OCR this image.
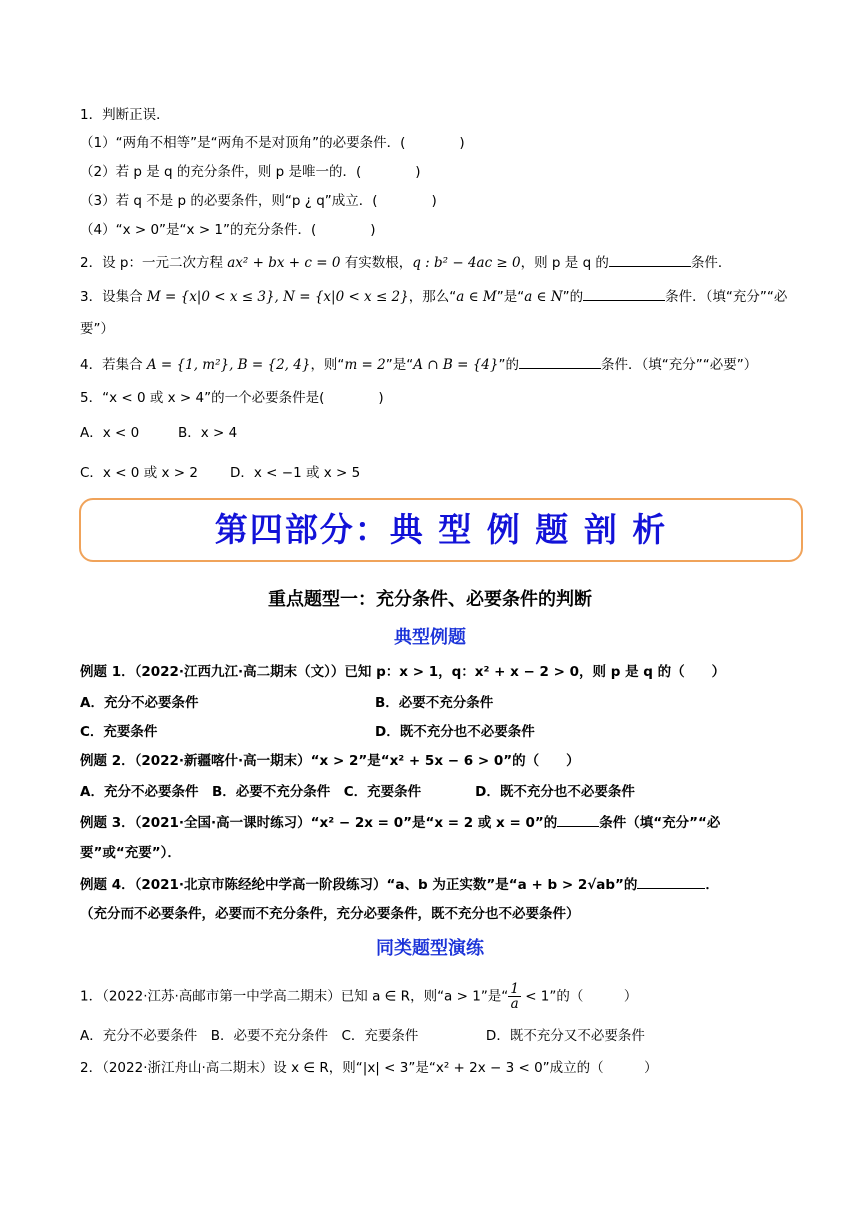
1．判断正误．
（1）“两角不相等”是“两角不是对顶角”的必要条件．(　　　　)
（2）若 p 是 q 的充分条件，则 p 是唯一的．(　　　　)
（3）若 q 不是 p 的必要条件，则“p ¿ q”成立．(　　　　)
（4）“x > 0”是“x > 1”的充分条件．(　　　　)
2．设 p：一元二次方程 ax² + bx + c = 0 有实数根，q : b² − 4ac ≥ 0，则 p 是 q 的	条件．
3．设集合 M = {x|0 < x ≤ 3}, N = {x|0 < x ≤ 2}，那么“a ∈ M”是“a ∈ N”的	条件．（填“充分”“必
要”）
4．若集合 A = {1, m²}, B = {2, 4}，则“m = 2”是“A ∩ B = {4}”的	条件．（填“充分”“必要”）
5．“x < 0 或 x > 4”的一个必要条件是(　　　　)
A．x < 0	B．x > 4
C．x < 0 或 x > 2 D．x < −1 或 x > 5
第四部分：典 型 例 题 剖 析
重点题型一：充分条件、必要条件的判断
典型例题
例题 1．（2022·江西九江·高二期末（文））已知 p：x > 1，q：x² + x − 2 > 0，则 p 是 q 的（　　）
A．充分不必要条件	B．必要不充分条件
C．充要条件	D．既不充分也不必要条件
例题 2．（2022·新疆喀什·高一期末）“x > 2”是“x² + 5x − 6 > 0”的（　　）
A．充分不必要条件　B．必要不充分条件　C．充要条件　　　　D．既不充分也不必要条件
例题 3．（2021·全国·高一课时练习）“x² − 2x = 0”是“x = 2 或 x = 0”的	条件（填“充分”“必
要”或“充要”）．
例题 4．（2021·北京市陈经纶中学高一阶段练习）“a、b 为正实数”是“a + b > 2√ab”的	．
（充分而不必要条件，必要而不充分条件，充分必要条件，既不充分也不必要条件）
同类题型演练
1．（2022·江苏·高邮市第一中学高二期末）已知 a ∈ R，则“a > 1”是“ $\frac{1}{a} < 1$”的（　　　）
A．充分不必要条件　B．必要不充分条件　C．充要条件　　　　　D．既不充分又不必要条件
2．（2022·浙江舟山·高二期末）设 x ∈ R，则“|x| < 3”是“x² + 2x − 3 < 0”成立的（　　　）
